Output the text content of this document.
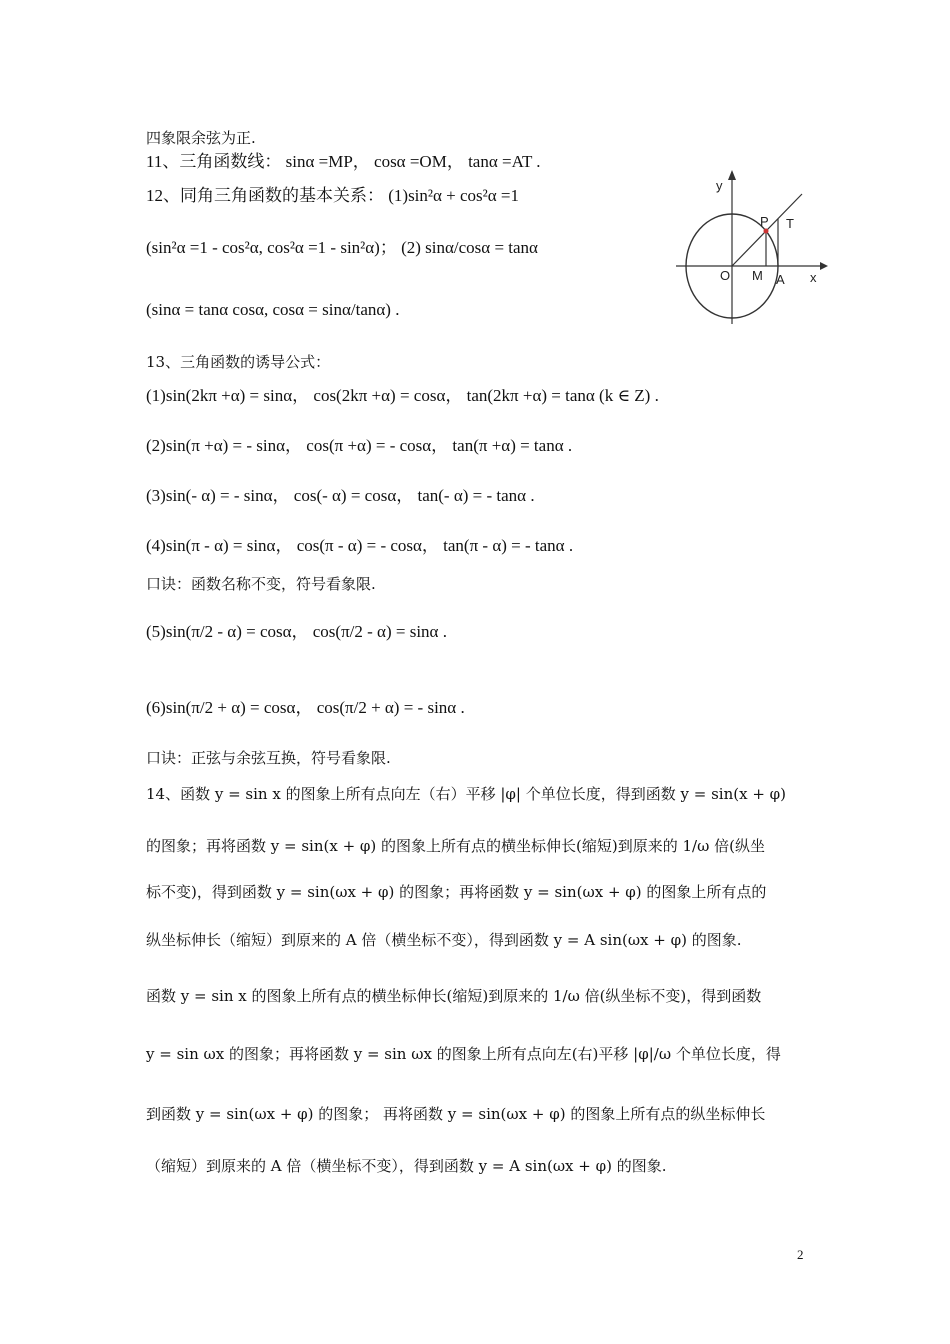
四象限余弦为正.
11、三角函数线： sinα =MP， cosα =OM， tanα =AT .
12、同角三角函数的基本关系： (1)sin²α + cos²α =1
(sin²α =1 - cos²α, cos²α =1 - sin²α)； (2) sinα/cosα = tanα
(sinα = tanα cosα, cosα = sinα/tanα) .
13、三角函数的诱导公式：
(1)sin(2kπ +α) = sinα， cos(2kπ +α) = cosα， tan(2kπ +α) = tanα (k ∈ Z) .
(2)sin(π +α) = - sinα， cos(π +α) = - cosα， tan(π +α) = tanα .
(3)sin(- α) = - sinα， cos(- α) = cosα， tan(- α) = - tanα .
(4)sin(π - α) = sinα， cos(π - α) = - cosα， tan(π - α) = - tanα .
口诀：函数名称不变，符号看象限.
(5)sin(π/2 - α) = cosα， cos(π/2 - α) = sinα .
(6)sin(π/2 + α) = cosα， cos(π/2 + α) = - sinα .
口诀：正弦与余弦互换，符号看象限.
14、函数 y = sin x 的图象上所有点向左（右）平移 |φ| 个单位长度，得到函数 y = sin(x + φ)
的图象；再将函数 y = sin(x + φ) 的图象上所有点的横坐标伸长(缩短)到原来的 1/ω 倍(纵坐
标不变)，得到函数 y = sin(ωx + φ) 的图象；再将函数 y = sin(ωx + φ) 的图象上所有点的
纵坐标伸长（缩短）到原来的 A 倍（横坐标不变），得到函数 y = A sin(ωx + φ) 的图象.
函数 y = sin x 的图象上所有点的横坐标伸长(缩短)到原来的 1/ω 倍(纵坐标不变)，得到函数
y = sin ωx 的图象；再将函数 y = sin ωx 的图象上所有点向左(右)平移 |φ|/ω 个单位长度，得
到函数 y = sin(ωx + φ) 的图象； 再将函数 y = sin(ωx + φ) 的图象上所有点的纵坐标伸长
（缩短）到原来的 A 倍（横坐标不变），得到函数 y = A sin(ωx + φ) 的图象.
y
x
O M A
P T
2
